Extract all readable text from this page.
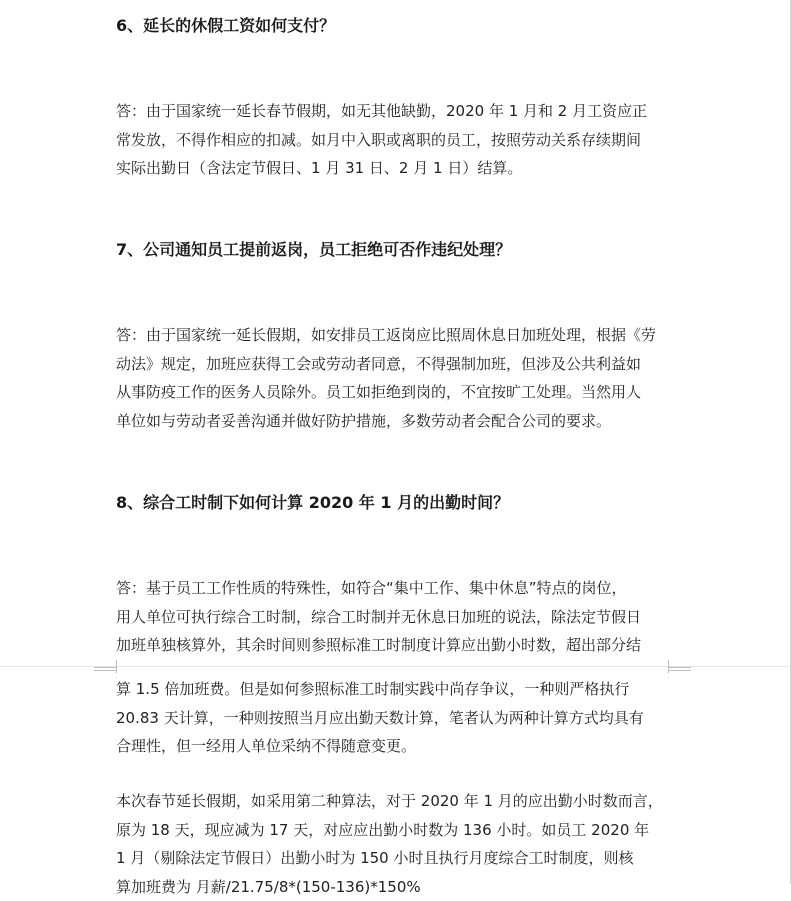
6、延长的休假工资如何支付？
答：由于国家统一延长春节假期，如无其他缺勤，2020 年 1 月和 2 月工资应正
常发放，不得作相应的扣减。如月中入职或离职的员工，按照劳动关系存续期间
实际出勤日（含法定节假日、1 月 31 日、2 月 1 日）结算。
7、公司通知员工提前返岗，员工拒绝可否作违纪处理？
答：由于国家统一延长假期，如安排员工返岗应比照周休息日加班处理，根据《劳
动法》规定，加班应获得工会或劳动者同意，不得强制加班，但涉及公共利益如
从事防疫工作的医务人员除外。员工如拒绝到岗的，不宜按旷工处理。当然用人
单位如与劳动者妥善沟通并做好防护措施，多数劳动者会配合公司的要求。
8、综合工时制下如何计算 2020 年 1 月的出勤时间？
答：基于员工工作性质的特殊性，如符合“集中工作、集中休息”特点的岗位，
用人单位可执行综合工时制，综合工时制并无休息日加班的说法，除法定节假日
加班单独核算外，其余时间则参照标准工时制度计算应出勤小时数，超出部分结
算 1.5 倍加班费。但是如何参照标准工时制实践中尚存争议，一种则严格执行
20.83 天计算，一种则按照当月应出勤天数计算，笔者认为两种计算方式均具有
合理性，但一经用人单位采纳不得随意变更。
本次春节延长假期，如采用第二种算法，对于 2020 年 1 月的应出勤小时数而言，
原为 18 天，现应减为 17 天，对应应出勤小时数为 136 小时。如员工 2020 年
1 月（剔除法定节假日）出勤小时为 150 小时且执行月度综合工时制度，则核
算加班费为 月薪/21.75/8*(150-136)*150%
